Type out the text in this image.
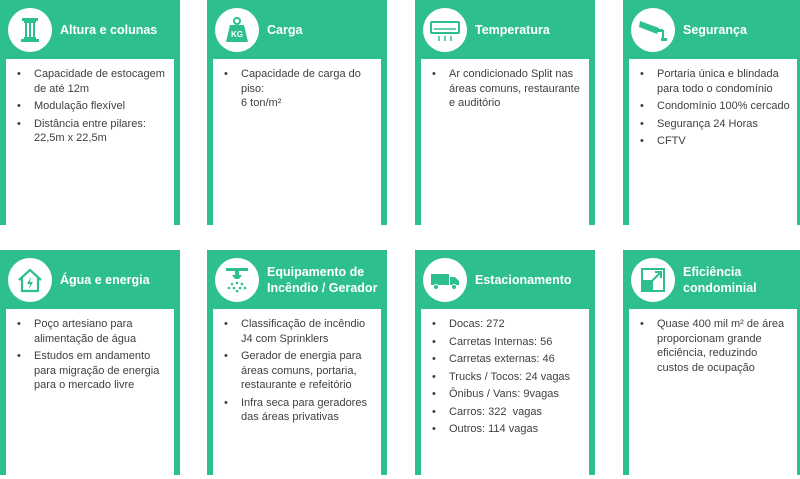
Altura e colunas
• Capacidade de estocagem de até 12m
• Modulação flexível
• Distância entre pilares: 22,5m x 22,5m
KG Carga
• Capacidade de carga do piso:
6 ton/m²
Temperatura
• Ar condicionado Split nas áreas comuns, restaurante e auditório
Segurança
• Portaria única e blindada para todo o condomínio
• Condomínio 100% cercado
• Segurança 24 Horas
• CFTV
Água e energia
• Poço artesiano para alimentação de água
• Estudos em andamento para migração de energia para o mercado livre
Equipamento de Incêndio / Gerador
• Classificação de incêndio J4 com Sprinklers
• Gerador de energia para áreas comuns, portaria, restaurante e refeitório
• Infra seca para geradores das áreas privativas
Estacionamento
• Docas: 272
• Carretas Internas: 56
• Carretas externas: 46
• Trucks / Tocos: 24 vagas
• Ônibus / Vans: 9vagas
• Carros: 322  vagas
• Outros: 114 vagas
Eficiência condominial
• Quase 400 mil m² de área proporcionam grande eficiência, reduzindo custos de ocupação
